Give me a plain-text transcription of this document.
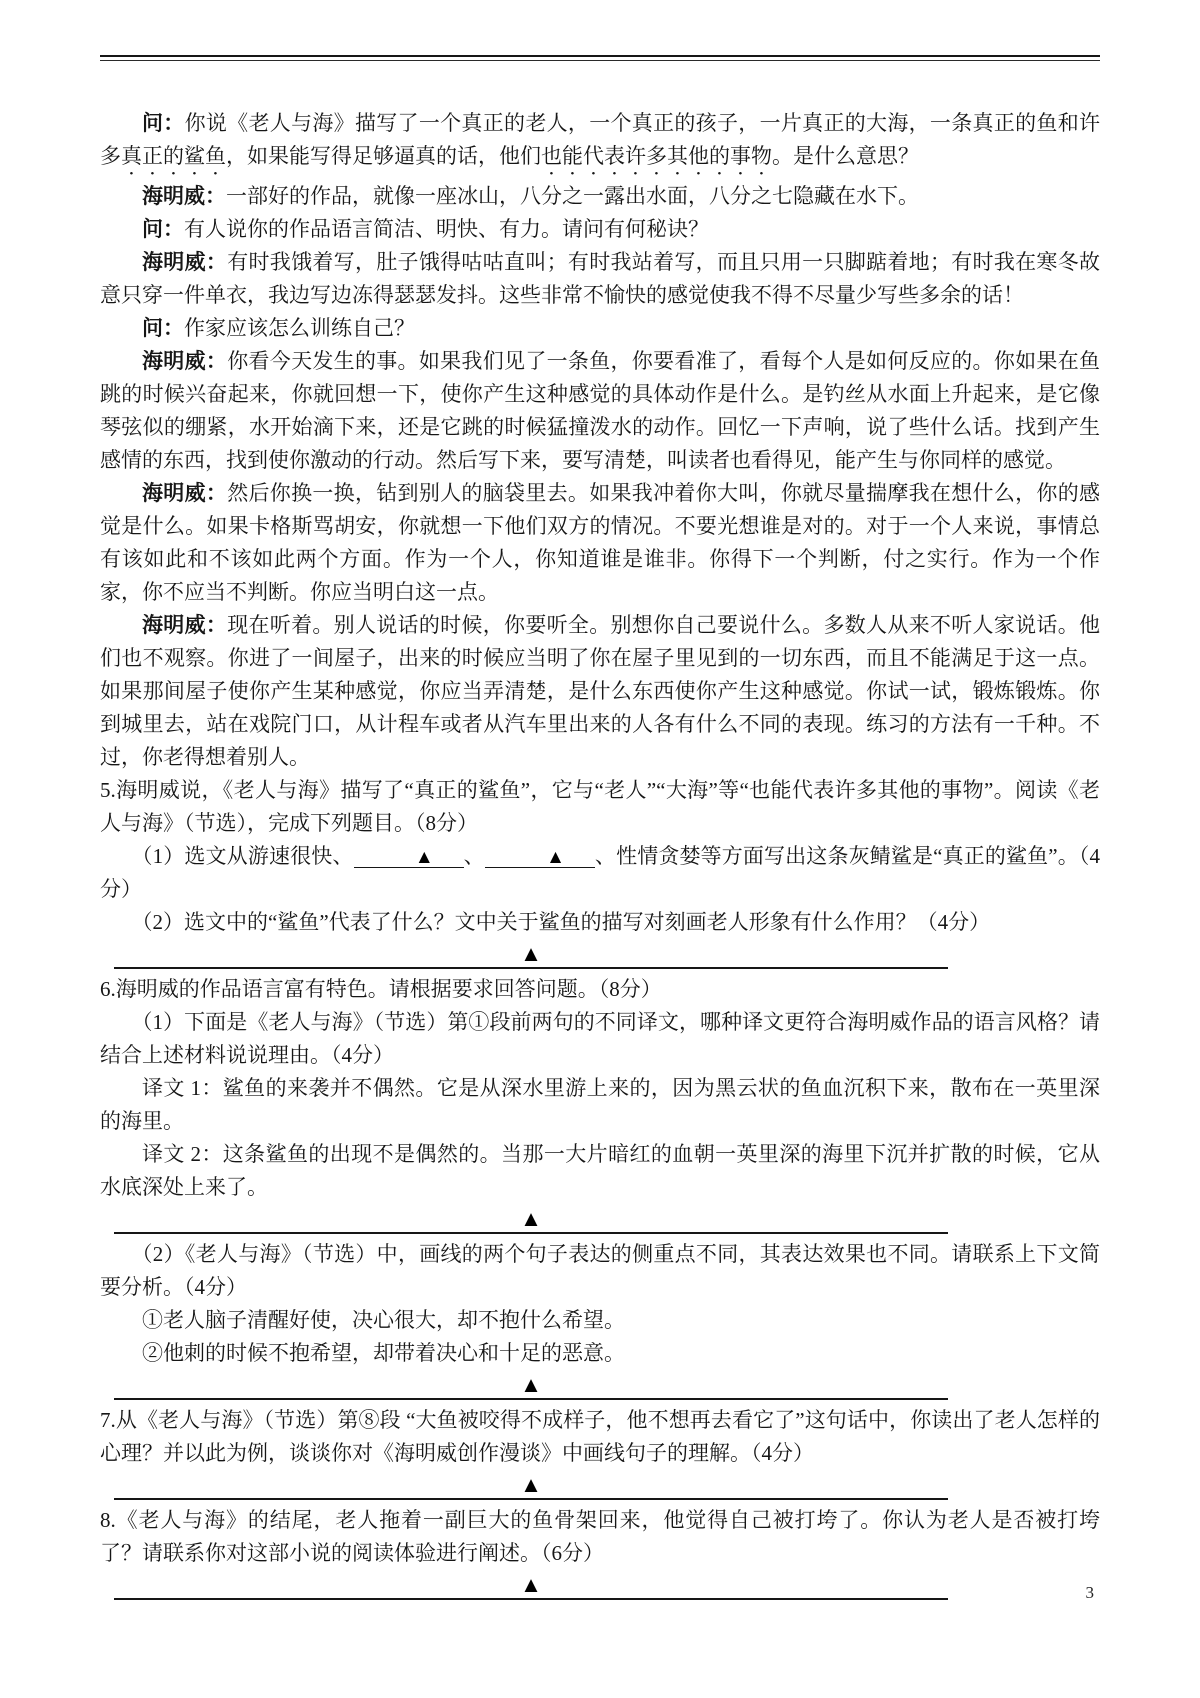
问：你说《老人与海》描写了一个真正的老人，一个真正的孩子，一片真正的大海，一条真正的鱼和许多真正的鲨鱼，如果能写得足够逼真的话，他们也能代表许多其他的事物。是什么意思？

海明威：一部好的作品，就像一座冰山，八分之一露出水面，八分之七隐藏在水下。

问：有人说你的作品语言简洁、明快、有力。请问有何秘诀？

海明威：有时我饿着写，肚子饿得咕咕直叫；有时我站着写，而且只用一只脚踮着地；有时我在寒冬故意只穿一件单衣，我边写边冻得瑟瑟发抖。这些非常不愉快的感觉使我不得不尽量少写些多余的话！

问：作家应该怎么训练自己？

海明威：你看今天发生的事。如果我们见了一条鱼，你要看准了，看每个人是如何反应的。你如果在鱼跳的时候兴奋起来，你就回想一下，使你产生这种感觉的具体动作是什么。是钓丝从水面上升起来，是它像琴弦似的绷紧，水开始滴下来，还是它跳的时候猛撞泼水的动作。回忆一下声响，说了些什么话。找到产生感情的东西，找到使你激动的行动。然后写下来，要写清楚，叫读者也看得见，能产生与你同样的感觉。

海明威：然后你换一换，钻到别人的脑袋里去。如果我冲着你大叫，你就尽量揣摩我在想什么，你的感觉是什么。如果卡格斯骂胡安，你就想一下他们双方的情况。不要光想谁是对的。对于一个人来说，事情总有该如此和不该如此两个方面。作为一个人，你知道谁是谁非。你得下一个判断，付之实行。作为一个作家，你不应当不判断。你应当明白这一点。

海明威：现在听着。别人说话的时候，你要听全。别想你自己要说什么。多数人从来不听人家说话。他们也不观察。你进了一间屋子，出来的时候应当明了你在屋子里见到的一切东西，而且不能满足于这一点。如果那间屋子使你产生某种感觉，你应当弄清楚，是什么东西使你产生这种感觉。你试一试，锻炼锻炼。你到城里去，站在戏院门口，从计程车或者从汽车里出来的人各有什么不同的表现。练习的方法有一千种。不过，你老得想着别人。

5.海明威说，《老人与海》描写了“真正的鲨鱼”，它与“老人”“大海”等“也能代表许多其他的事物”。阅读《老人与海》（节选），完成下列题目。（8分）

（1）选文从游速很快、	▲ 、	▲ 、性情贪婪等方面写出这条灰鲭鲨是“真正的鲨鱼”。（4分）

（2）选文中的“鲨鱼”代表了什么？文中关于鲨鱼的描写对刻画老人形象有什么作用？（4分）

▲

6.海明威的作品语言富有特色。请根据要求回答问题。（8分）

（1）下面是《老人与海》（节选）第①段前两句的不同译文，哪种译文更符合海明威作品的语言风格？请结合上述材料说说理由。（4分）

译文 1：鲨鱼的来袭并不偶然。它是从深水里游上来的，因为黑云状的鱼血沉积下来，散布在一英里深的海里。

译文 2：这条鲨鱼的出现不是偶然的。当那一大片暗红的血朝一英里深的海里下沉并扩散的时候，它从水底深处上来了。

▲

（2）《老人与海》（节选）中，画线的两个句子表达的侧重点不同，其表达效果也不同。请联系上下文简要分析。（4分）

①老人脑子清醒好使，决心很大，却不抱什么希望。

②他刺的时候不抱希望，却带着决心和十足的恶意。

▲

7.从《老人与海》（节选）第⑧段 “大鱼被咬得不成样子，他不想再去看它了”这句话中，你读出了老人怎样的心理？并以此为例，谈谈你对《海明威创作漫谈》中画线句子的理解。（4分）

▲

8.《老人与海》的结尾，老人拖着一副巨大的鱼骨架回来，他觉得自己被打垮了。你认为老人是否被打垮了？请联系你对这部小说的阅读体验进行阐述。（6分）

▲	3
